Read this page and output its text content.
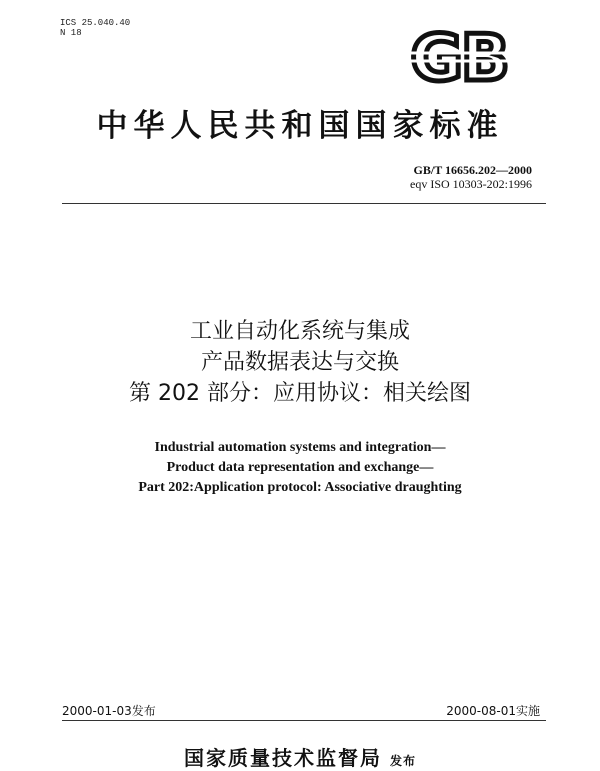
ICS 25.040.40
N 18	GB
中华人民共和国国家标准
GB/T 16656.202—2000
eqv ISO 10303-202:1996
工业自动化系统与集成
产品数据表达与交换
第 202 部分：应用协议：相关绘图
Industrial automation systems and integration—
Product data representation and exchange—
Part 202:Application protocol: Associative draughting
2000-01-03发布	2000-08-01实施
国家质量技术监督局 发布
